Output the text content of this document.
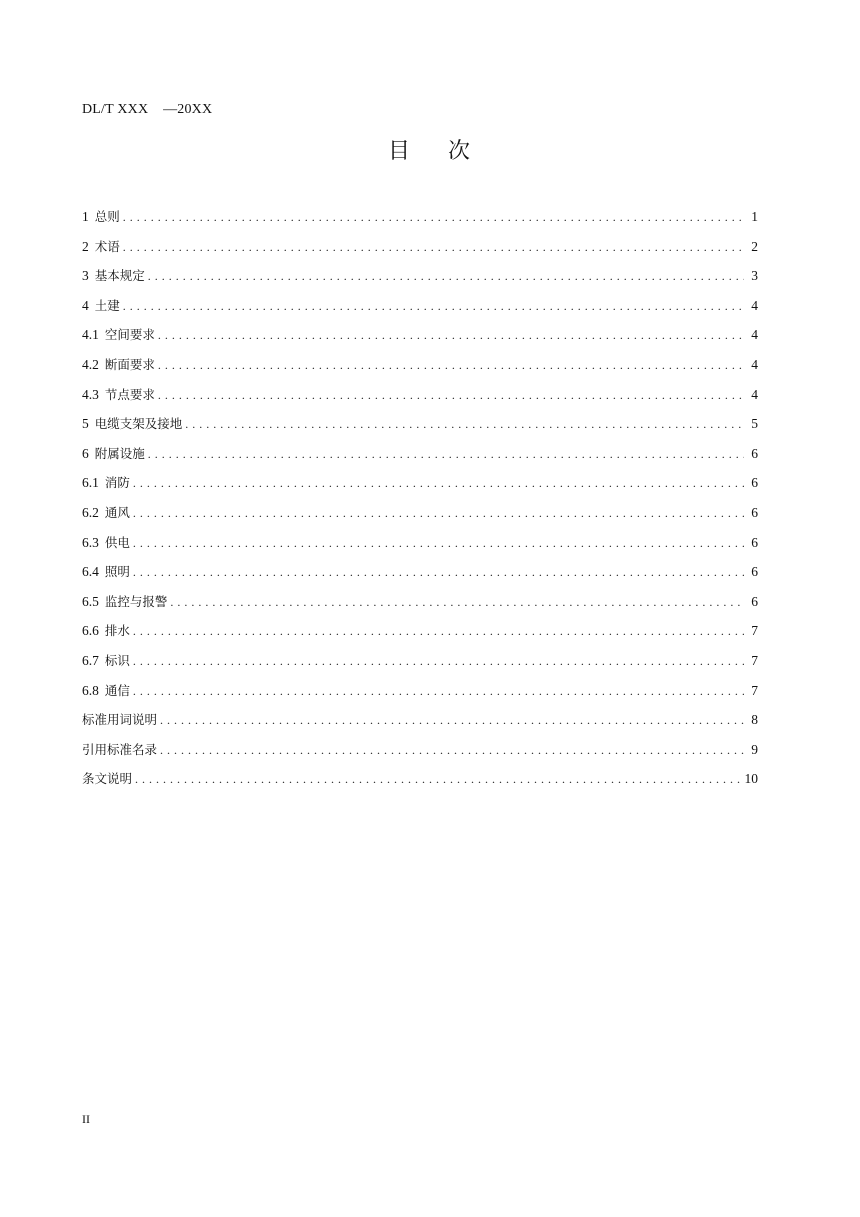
DL/T XXX    —20XX
目    次
1 总则 . . .	1
2 术语 . . .	2
3 基本规定 . . .	3
4 土建 . . .	4
4.1 空间要求 . . .	4
4.2 断面要求 . . .	4
4.3 节点要求 . . .	4
5 电缆支架及接地 . . .	5
6 附属设施 . . .	6
6.1 消防 . . .	6
6.2 通风 . . .	6
6.3 供电 . . .	6
6.4 照明 . . .	6
6.5 监控与报警 . . .	6
6.6 排水 . . .	7
6.7 标识 . . .	7
6.8 通信 . . .	7
标准用词说明 . . .	8
引用标准名录 . . .	9
条文说明 . . .	10
II
